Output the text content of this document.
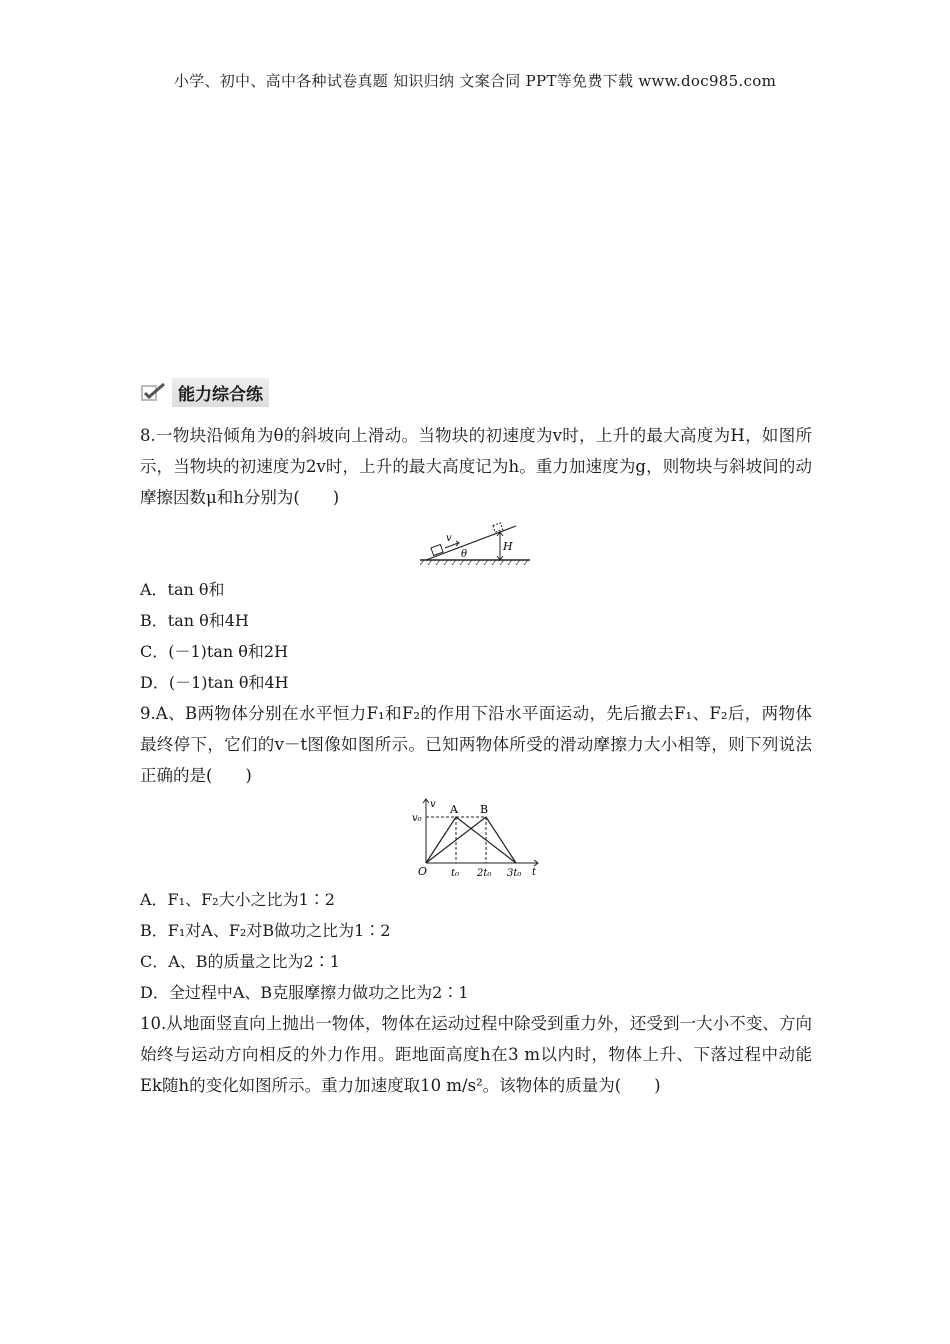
小学、初中、高中各种试卷真题 知识归纳 文案合同 PPT等免费下载 www.doc985.com
能力综合练
8.一物块沿倾角为θ的斜坡向上滑动。当物块的初速度为v时，上升的最大高度为H，如图所示，当物块的初速度为2v时，上升的最大高度记为h。重力加速度为g，则物块与斜坡间的动摩擦因数μ和h分别为(　　)
v
θ
H
A．tan θ和
B．tan θ和4H
C．(－1)tan θ和2H
D．(－1)tan θ和4H
9.A、B两物体分别在水平恒力F₁和F₂的作用下沿水平面运动，先后撤去F₁、F₂后，两物体最终停下，它们的v－t图像如图所示。已知两物体所受的滑动摩擦力大小相等，则下列说法正确的是(　　)
v
v₀
A B
O t₀ 2t₀ 3t₀ t
A．F₁、F₂大小之比为1∶2
B．F₁对A、F₂对B做功之比为1∶2
C．A、B的质量之比为2∶1
D．全过程中A、B克服摩擦力做功之比为2∶1
10.从地面竖直向上抛出一物体，物体在运动过程中除受到重力外，还受到一大小不变、方向始终与运动方向相反的外力作用。距地面高度h在3 m以内时，物体上升、下落过程中动能Ek随h的变化如图所示。重力加速度取10 m/s²。该物体的质量为(　　)
